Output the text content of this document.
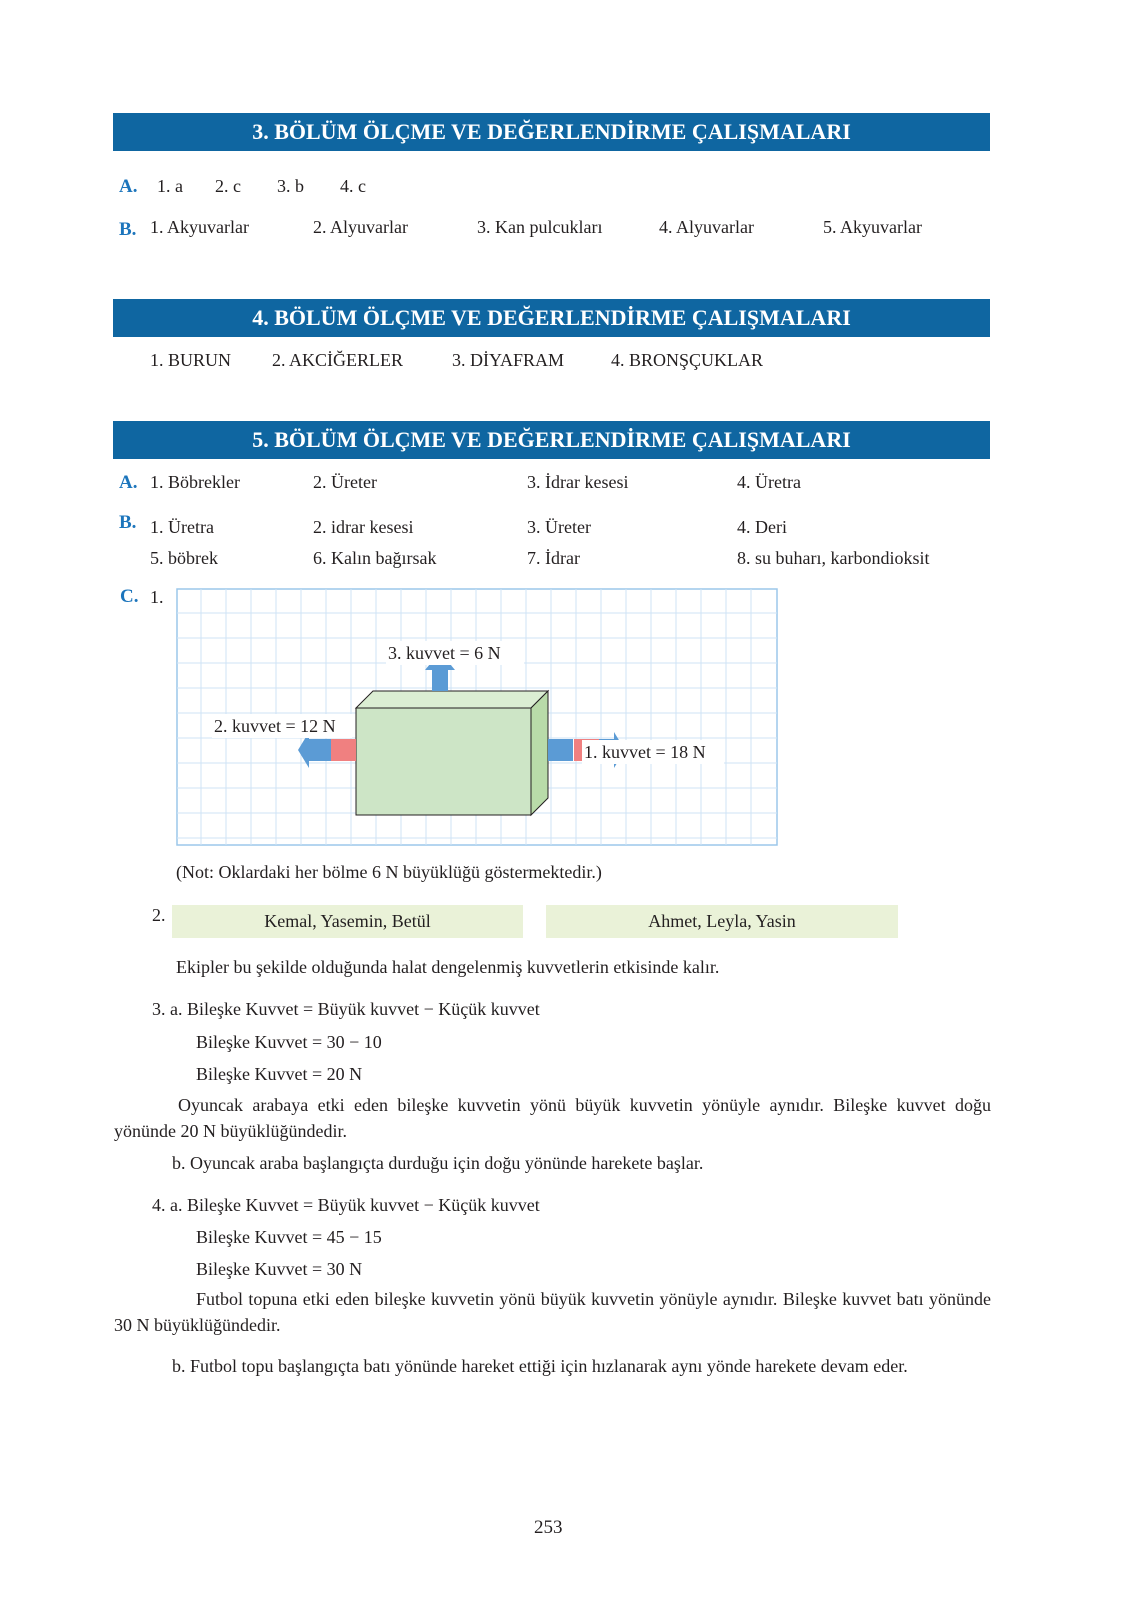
3. BÖLÜM ÖLÇME VE DEĞERLENDİRME ÇALIŞMALARI
A. 1. a 2. c 3. b 4. c
B. 1. Akyuvarlar	2. Alyuvarlar	3. Kan pulcukları	4. Alyuvarlar	5. Akyuvarlar
4. BÖLÜM ÖLÇME VE DEĞERLENDİRME ÇALIŞMALARI
1. BURUN 2. AKCİĞERLER	3. DİYAFRAM	4. BRONŞÇUKLAR
5. BÖLÜM ÖLÇME VE DEĞERLENDİRME ÇALIŞMALARI
A. 1. Böbrekler	2. Üreter	3. İdrar kesesi	4. Üretra
B. 1. Üretra	2. idrar kesesi	3. Üreter	4. Deri
5. böbrek	6. Kalın bağırsak	7. İdrar	8. su buharı, karbondioksit
C. 1.
3. kuvvet = 6 N
2. kuvvet = 12 N
1. kuvvet = 18 N
(Not: Oklardaki her bölme 6 N büyüklüğü göstermektedir.)
2.	Kemal, Yasemin, Betül	Ahmet, Leyla, Yasin
Ekipler bu şekilde olduğunda halat dengelenmiş kuvvetlerin etkisinde kalır.
3. a. Bileşke Kuvvet = Büyük kuvvet − Küçük kuvvet
Bileşke Kuvvet = 30 − 10
Bileşke Kuvvet = 20 N
Oyuncak arabaya etki eden bileşke kuvvetin yönü büyük kuvvetin yönüyle aynıdır. Bileşke kuvvet doğu yönünde 20 N büyüklüğündedir.
b. Oyuncak araba başlangıçta durduğu için doğu yönünde harekete başlar.
4. a. Bileşke Kuvvet = Büyük kuvvet − Küçük kuvvet
Bileşke Kuvvet = 45 − 15
Bileşke Kuvvet = 30 N
Futbol topuna etki eden bileşke kuvvetin yönü büyük kuvvetin yönüyle aynıdır. Bileşke kuvvet batı yönünde 30 N büyüklüğündedir.
b. Futbol topu başlangıçta batı yönünde hareket ettiği için hızlanarak aynı yönde harekete devam eder.
253
